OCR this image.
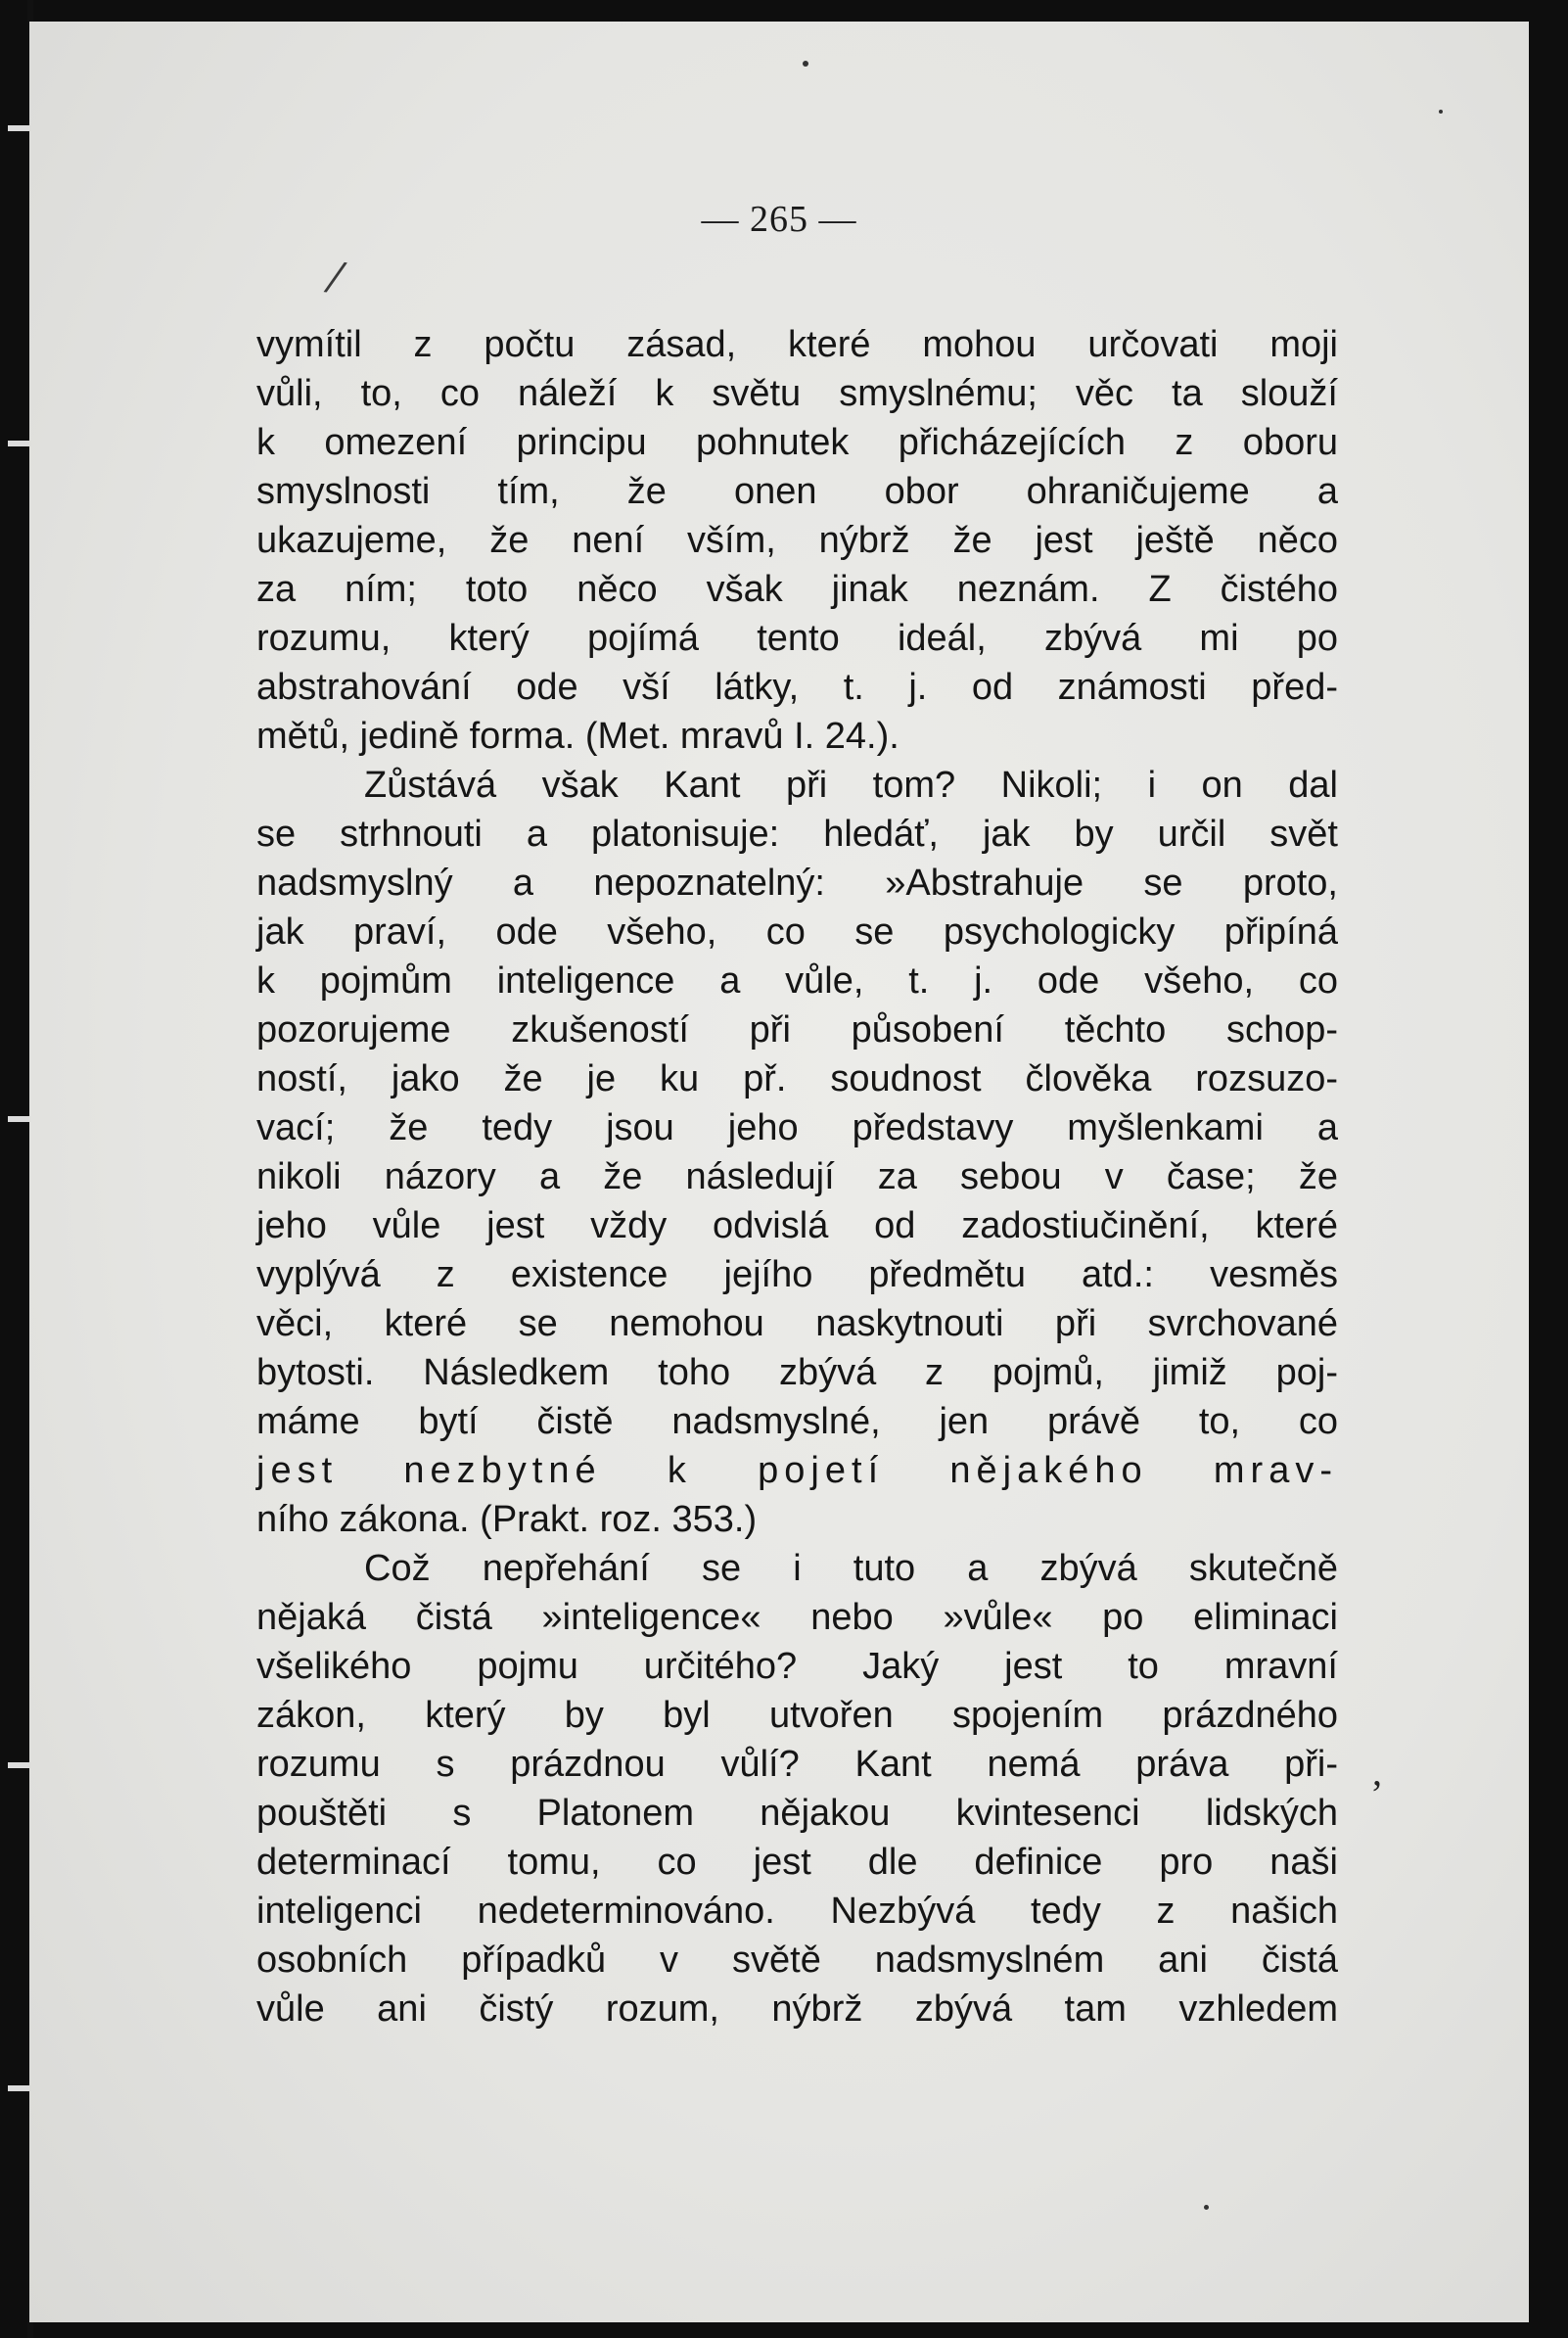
— 265 —
/
vymítil z počtu zásad, které mohou určovati moji
vůli, to, co náleží k světu smyslnému; věc ta slouží
k omezení principu pohnutek přicházejících z oboru
smyslnosti tím, že onen obor ohraničujeme a
ukazujeme, že není vším, nýbrž že jest ještě něco
za ním; toto něco však jinak neznám. Z čistého
rozumu, který pojímá tento ideál, zbývá mi po
abstrahování ode vší látky, t. j. od známosti před-
mětů, jedině forma. (Met. mravů I. 24.).
Zůstává však Kant při tom? Nikoli; i on dal
se strhnouti a platonisuje: hledáť, jak by určil svět
nadsmyslný a nepoznatelný: »Abstrahuje se proto,
jak praví, ode všeho, co se psychologicky připíná
k pojmům inteligence a vůle, t. j. ode všeho, co
pozorujeme zkušeností při působení těchto schop-
ností, jako že je ku př. soudnost člověka rozsuzo-
vací; že tedy jsou jeho představy myšlenkami a
nikoli názory a že následují za sebou v čase; že
jeho vůle jest vždy odvislá od zadostiučinění, které
vyplývá z existence jejího předmětu atd.: vesměs
věci, které se nemohou naskytnouti při svrchované
bytosti. Následkem toho zbývá z pojmů, jimiž poj-
máme bytí čistě nadsmyslné, jen právě to, co
jest nezbytné k pojetí nějakého mrav-
ního zákona. (Prakt. roz. 353.)
Což nepřehání se i tuto a zbývá skutečně
nějaká čistá »inteligence« nebo »vůle« po eliminaci
všelikého pojmu určitého? Jaký jest to mravní
zákon, který by byl utvořen spojením prázdného
rozumu s prázdnou vůlí? Kant nemá práva při-
pouštěti s Platonem nějakou kvintesenci lidských
determinací tomu, co jest dle definice pro naši
inteligenci nedeterminováno. Nezbývá tedy z našich
osobních případků v světě nadsmyslném ani čistá
vůle ani čistý rozum, nýbrž zbývá tam vzhledem
,
